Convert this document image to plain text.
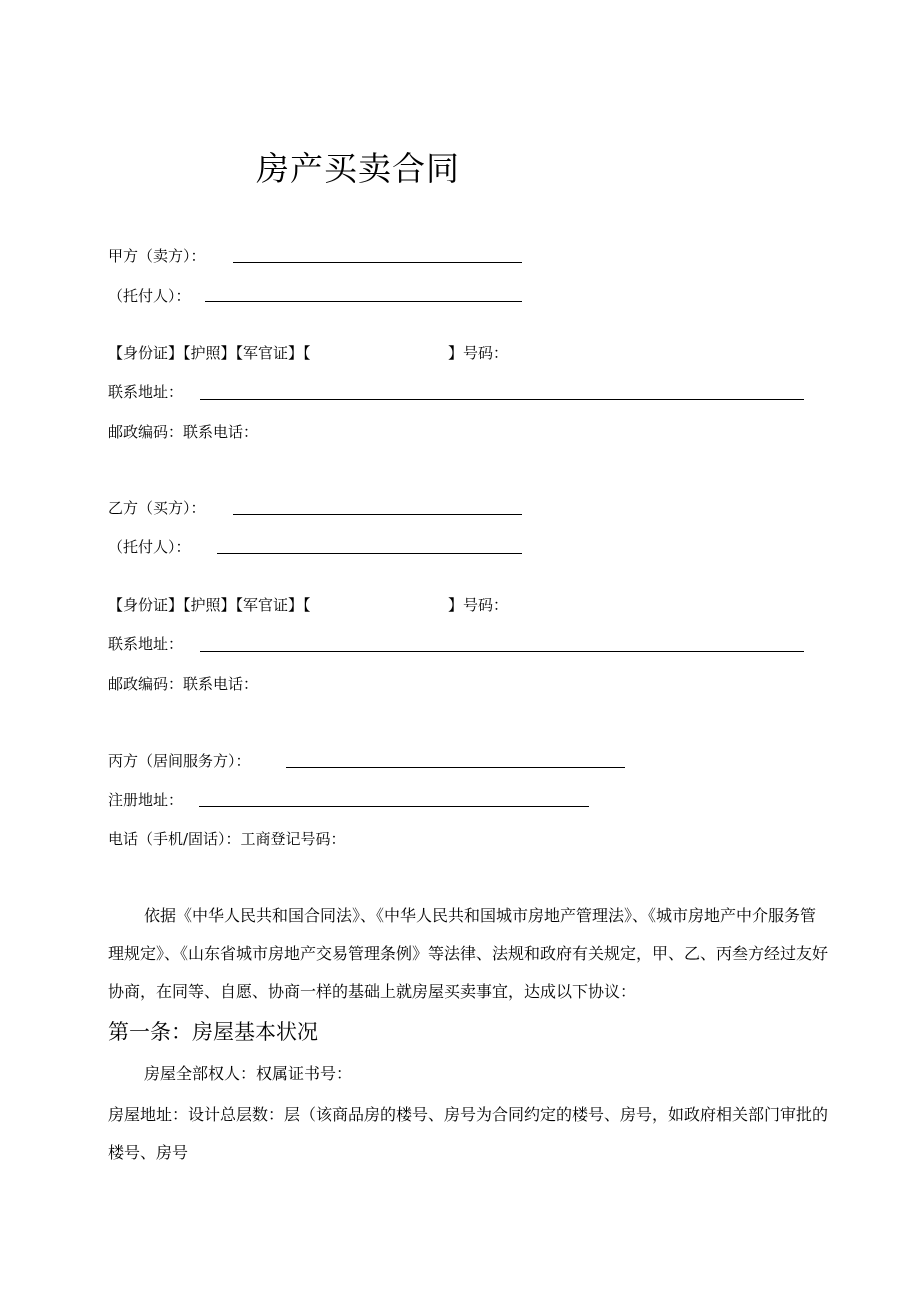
房产买卖合同
甲方（卖方）：
（托付人）：
【身份证】【护照】【军官证】【	】号码：
联系地址：
邮政编码：联系电话：
乙方（买方）：
（托付人）：
【身份证】【护照】【军官证】【	】号码：
联系地址：
邮政编码：联系电话：
丙方（居间服务方）：
注册地址：
电话（手机/固话）：工商登记号码：
依据《中华人民共和国合同法》、《中华人民共和国城市房地产管理法》、《城市房地产中介服务管理规定》、《山东省城市房地产交易管理条例》等法律、法规和政府有关规定，甲、乙、丙叁方经过友好协商，在同等、自愿、协商一样的基础上就房屋买卖事宜，达成以下协议：
第一条：房屋基本状况
房屋全部权人：权属证书号：
房屋地址：设计总层数：层（该商品房的楼号、房号为合同约定的楼号、房号，如政府相关部门审批的楼号、房号
